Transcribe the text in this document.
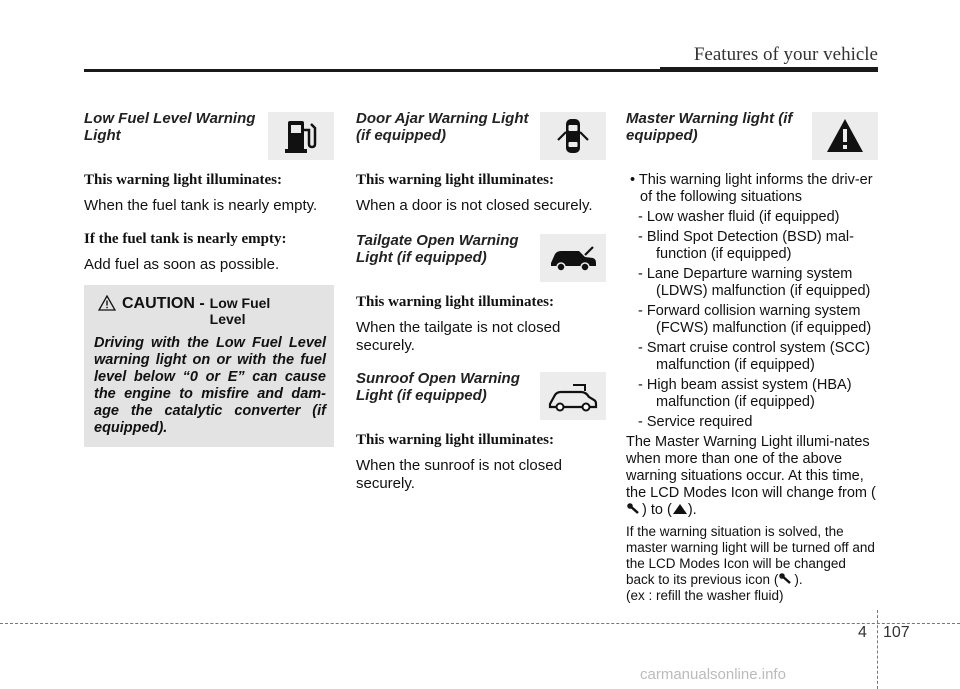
Features of your vehicle
Low Fuel Level Warning Light
This warning light illuminates:

When the fuel tank is nearly empty.

If the fuel tank is nearly empty:

Add fuel as soon as possible.

CAUTION - Low Fuel Level

Driving with the Low Fuel Level warning light on or with the fuel level below “0 or E” can cause the engine to misfire and dam-age the catalytic converter (if equipped).

Door Ajar Warning Light (if equipped)
This warning light illuminates:

When a door is not closed securely.

Tailgate Open Warning Light (if equipped)
This warning light illuminates:

When the tailgate is not closed securely.

Sunroof Open Warning Light (if equipped)
This warning light illuminates:

When the sunroof is not closed securely.

Master Warning light (if equipped)
• This warning light informs the driv-er of the following situations
- Low washer fluid (if equipped)
- Blind Spot Detection (BSD) mal-function (if equipped)
- Lane Departure warning system (LDWS) malfunction (if equipped)
- Forward collision warning system (FCWS) malfunction (if equipped)
- Smart cruise control system (SCC) malfunction (if equipped)
- High beam assist system (HBA) malfunction (if equipped)
- Service required

The Master Warning Light illumi-nates when more than one of the above warning situations occur. At this time, the LCD Modes Icon will change from () to ( ).

If the warning situation is solved, the master warning light will be turned off and the LCD Modes Icon will be changed back to its previous icon ( ).

(ex : refill the washer fluid)

4 107
carmanualsonline.info
